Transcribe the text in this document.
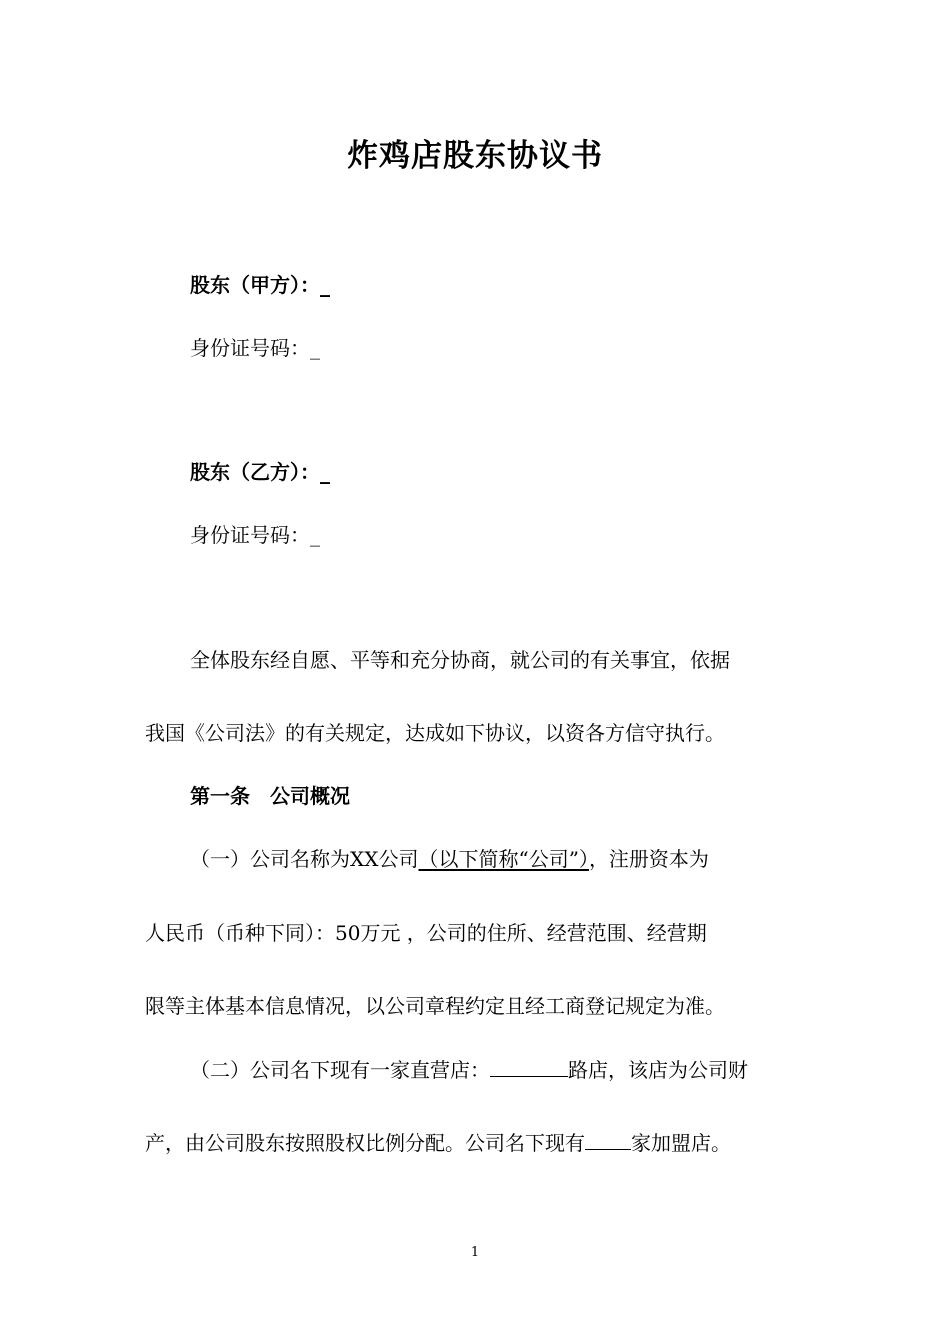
炸鸡店股东协议书
股东（甲方）：_
身份证号码：_
股东（乙方）：_
身份证号码：_
全体股东经自愿、平等和充分协商，就公司的有关事宜，依据
我国《公司法》的有关规定，达成如下协议，以资各方信守执行。
第一条　公司概况
（一）公司名称为XX公司（以下简称“公司”），注册资本为
人民币（币种下同）：50万元 ，公司的住所、经营范围、经营期
限等主体基本信息情况，以公司章程约定且经工商登记规定为准。
（二）公司名下现有一家直营店：	路店，该店为公司财
产，由公司股东按照股权比例分配。公司名下现有 家加盟店。
1
